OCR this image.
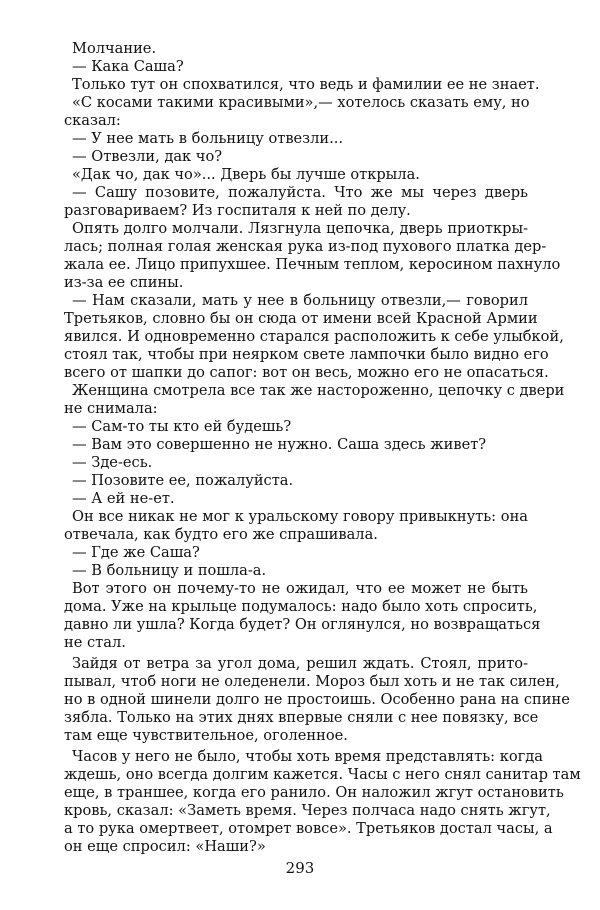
Молчание.
— Кака Саша?
Только тут он спохватился, что ведь и фамилии ее не знает.
«С косами такими красивыми»,— хотелось сказать ему, но
сказал:
— У нее мать в больницу отвезли...
— Отвезли, дак чо?
«Дак чо, дак чо»... Дверь бы лучше открыла.
— Сашу позовите, пожалуйста. Что же мы через дверь
разговариваем? Из госпиталя к ней по делу.
Опять долго молчали. Лязгнула цепочка, дверь приоткры-
лась; полная голая женская рука из-под пухового платка дер-
жала ее. Лицо припухшее. Печным теплом, керосином пахнуло
из-за ее спины.
— Нам сказали, мать у нее в больницу отвезли,— говорил
Третьяков, словно бы он сюда от имени всей Красной Армии
явился. И одновременно старался расположить к себе улыбкой,
стоял так, чтобы при неярком свете лампочки было видно его
всего от шапки до сапог: вот он весь, можно его не опасаться.
Женщина смотрела все так же настороженно, цепочку с двери
не снимала:
— Сам-то ты кто ей будешь?
— Вам это совершенно не нужно. Саша здесь живет?
— Зде-есь.
— Позовите ее, пожалуйста.
— А ей не-ет.
Он все никак не мог к уральскому говору привыкнуть: она
отвечала, как будто его же спрашивала.
— Где же Саша?
— В больницу и пошла-а.
Вот этого он почему-то не ожидал, что ее может не быть
дома. Уже на крыльце подумалось: надо было хоть спросить,
давно ли ушла? Когда будет? Он оглянулся, но возвращаться
не стал.
Зайдя от ветра за угол дома, решил ждать. Стоял, прито-
пывал, чтоб ноги не оледенели. Мороз был хоть и не так силен,
но в одной шинели долго не простоишь. Особенно рана на спине
зябла. Только на этих днях впервые сняли с нее повязку, все
там еще чувствительное, оголенное.
Часов у него не было, чтобы хоть время представлять: когда
ждешь, оно всегда долгим кажется. Часы с него снял санитар там
еще, в траншее, когда его ранило. Он наложил жгут остановить
кровь, сказал: «Заметь время. Через полчаса надо снять жгут,
а то рука омертвеет, отомрет вовсе». Третьяков достал часы, а
он еще спросил: «Наши?»
293
